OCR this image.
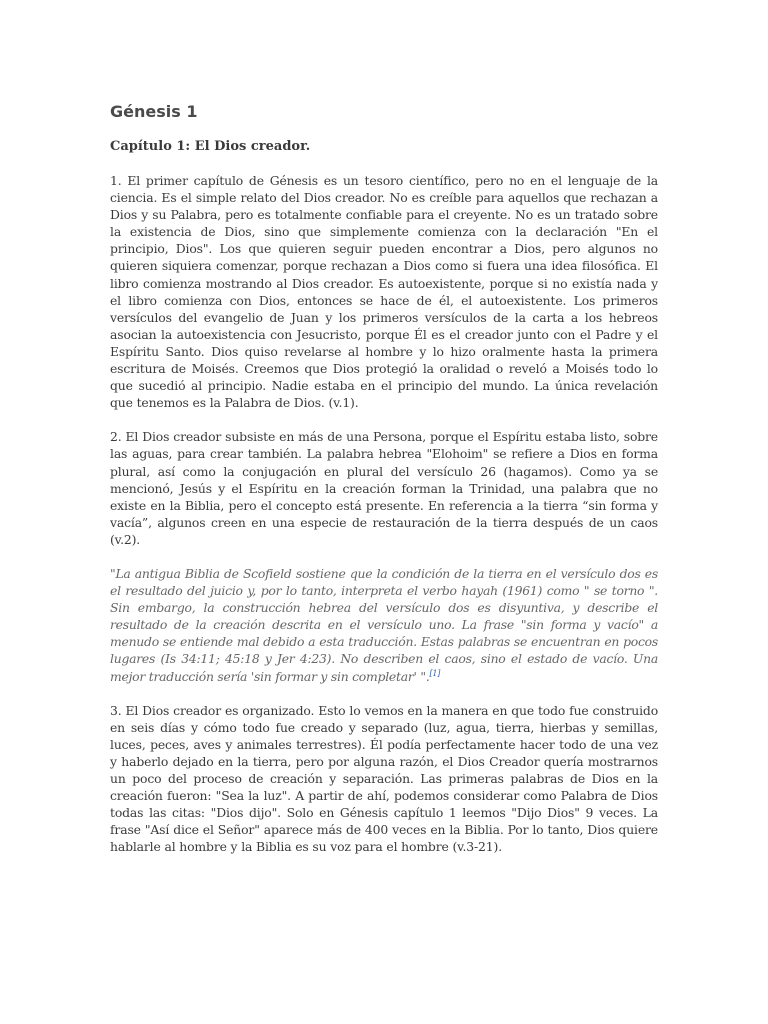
Génesis 1
Capítulo 1: El Dios creador.

1. El primer capítulo de Génesis es un tesoro científico, pero no en el lenguaje de la ciencia. Es el simple relato del Dios creador. No es creíble para aquellos que rechazan a Dios y su Palabra, pero es totalmente confiable para el creyente. No es un tratado sobre la existencia de Dios, sino que simplemente comienza con la declaración "En el principio, Dios". Los que quieren seguir pueden encontrar a Dios, pero algunos no quieren siquiera comenzar, porque rechazan a Dios como si fuera una idea filosófica. El libro comienza mostrando al Dios creador. Es autoexistente, porque si no existía nada y el libro comienza con Dios, entonces se hace de él, el autoexistente. Los primeros versículos del evangelio de Juan y los primeros versículos de la carta a los hebreos asocian la autoexistencia con Jesucristo, porque Él es el creador junto con el Padre y el Espíritu Santo. Dios quiso revelarse al hombre y lo hizo oralmente hasta la primera escritura de Moisés. Creemos que Dios protegió la oralidad o reveló a Moisés todo lo que sucedió al principio. Nadie estaba en el principio del mundo. La única revelación que tenemos es la Palabra de Dios. (v.1).

2. El Dios creador subsiste en más de una Persona, porque el Espíritu estaba listo, sobre las aguas, para crear también. La palabra hebrea "Elohoim" se refiere a Dios en forma plural, así como la conjugación en plural del versículo 26 (hagamos). Como ya se mencionó, Jesús y el Espíritu en la creación forman la Trinidad, una palabra que no existe en la Biblia, pero el concepto está presente. En referencia a la tierra “sin forma y vacía”, algunos creen en una especie de restauración de la tierra después de un caos (v.2).

"La antigua Biblia de Scofield sostiene que la condición de la tierra en el versículo dos es el resultado del juicio y, por lo tanto, interpreta el verbo hayah (1961) como " se torno ". Sin embargo, la construcción hebrea del versículo dos es disyuntiva, y describe el resultado de la creación descrita en el versículo uno. La frase "sin forma y vacío" a menudo se entiende mal debido a esta traducción. Estas palabras se encuentran en pocos lugares (Is 34:11; 45:18 y Jer 4:23). No describen el caos, sino el estado de vacío. Una mejor traducción sería 'sin formar y sin completar' ".[1]

3. El Dios creador es organizado. Esto lo vemos en la manera en que todo fue construido en seis días y cómo todo fue creado y separado (luz, agua, tierra, hierbas y semillas, luces, peces, aves y animales terrestres). Él podía perfectamente hacer todo de una vez y haberlo dejado en la tierra, pero por alguna razón, el Dios Creador quería mostrarnos un poco del proceso de creación y separación. Las primeras palabras de Dios en la creación fueron: "Sea la luz". A partir de ahí, podemos considerar como Palabra de Dios todas las citas: "Dios dijo". Solo en Génesis capítulo 1 leemos "Dijo Dios" 9 veces. La frase "Así dice el Señor" aparece más de 400 veces en la Biblia. Por lo tanto, Dios quiere hablarle al hombre y la Biblia es su voz para el hombre (v.3-21).
